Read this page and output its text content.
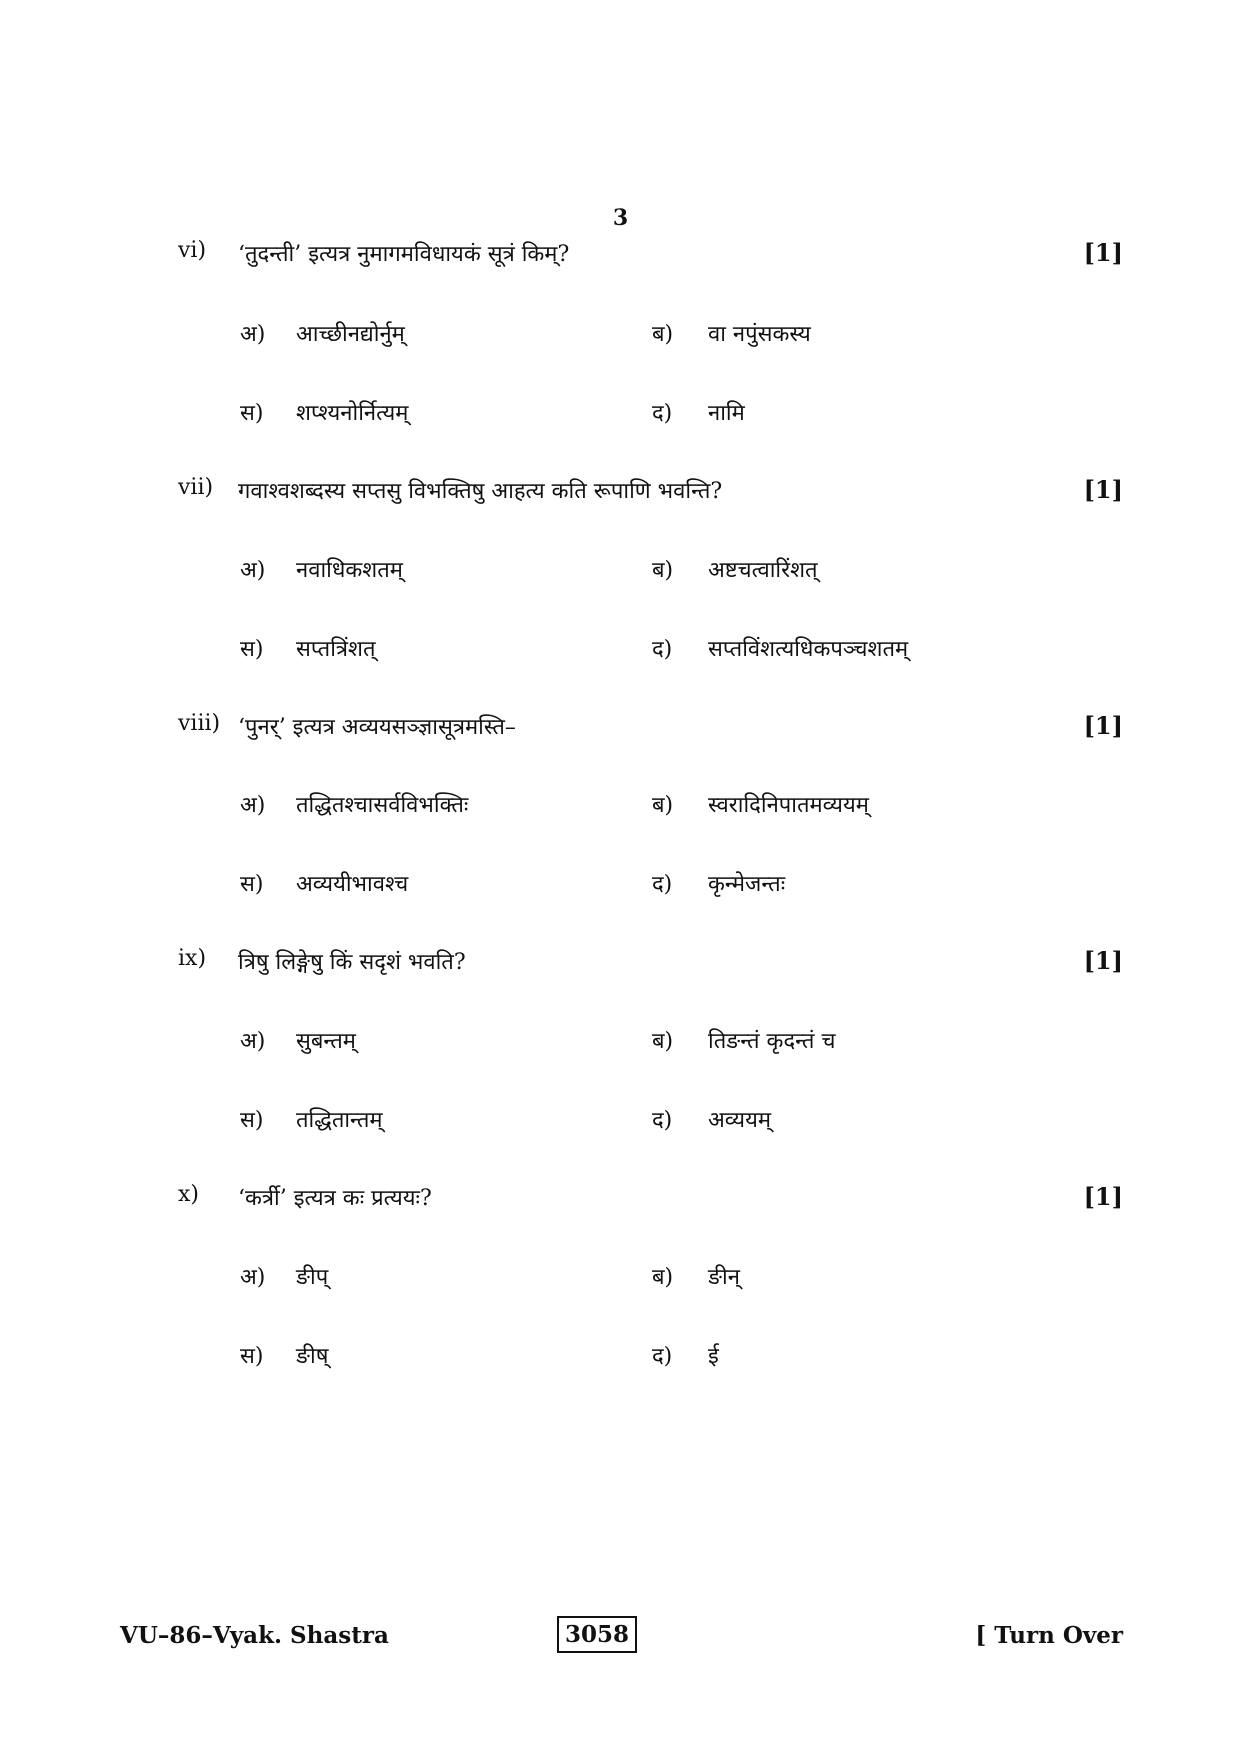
3
vi)	‘तुदन्ती’ इत्यत्र नुमागमविधायकं सूत्रं किम्?	[1]
अ) आच्छीनद्योर्नुम्	ब) वा नपुंसकस्य
स) शप्श्यनोर्नित्यम्	द) नामि
vii)	गवाश्वशब्दस्य सप्तसु विभक्तिषु आहत्य कति रूपाणि भवन्ति?	[1]
अ) नवाधिकशतम्	ब) अष्टचत्वारिंशत्
स) सप्तत्रिंशत्	द) सप्तविंशत्यधिकपञ्चशतम्
viii) ‘पुनर्’ इत्यत्र अव्ययसञ्ज्ञासूत्रमस्ति–	[1]
अ) तद्धितश्चासर्वविभक्तिः	ब) स्वरादिनिपातमव्ययम्
स) अव्ययीभावश्च	द) कृन्मेजन्तः
ix)	त्रिषु लिङ्गेषु किं सदृशं भवति?	[1]
अ) सुबन्तम्	ब) तिङन्तं कृदन्तं च
स) तद्धितान्तम्	द) अव्ययम्
x)	‘कर्त्री’ इत्यत्र कः प्रत्ययः?	[1]
अ) ङीप्	ब) ङीन्
स) ङीष्	द) ई
VU–86–Vyak. Shastra	3058	[ Turn Over
